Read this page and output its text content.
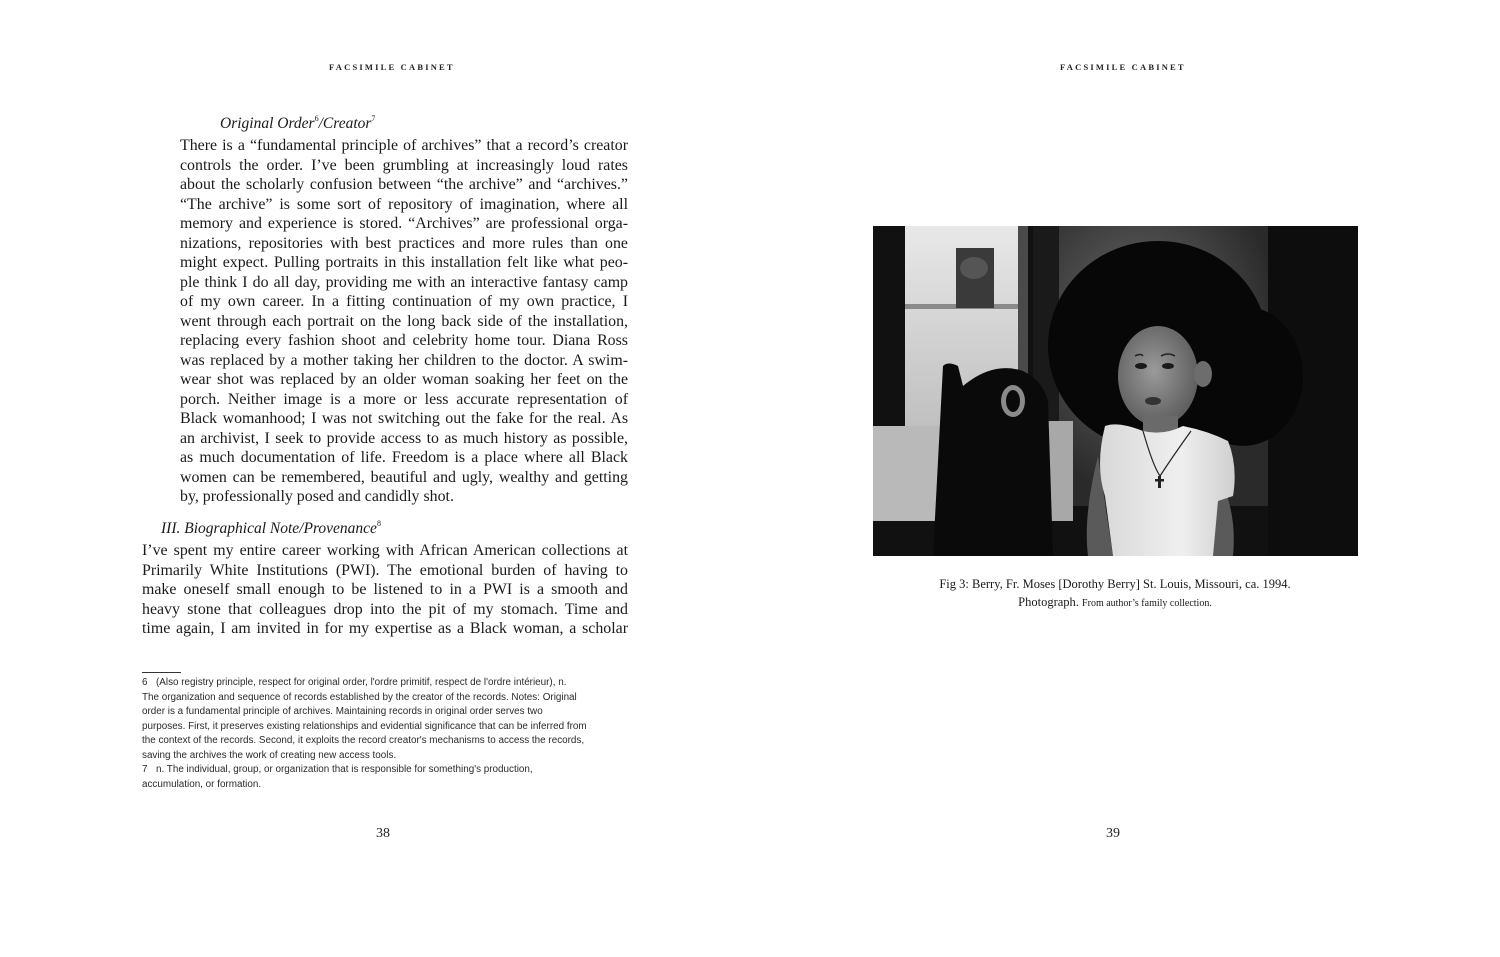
FACSIMILE CABINET
Original Order$^6$/Creator$^7$
There is a “fundamental principle of archives” that a record’s creator
controls the order. I’ve been grumbling at increasingly loud rates
about the scholarly confusion between “the archive” and “archives.”
“The archive” is some sort of repository of imagination, where all
memory and experience is stored. “Archives” are professional orga-
nizations, repositories with best practices and more rules than one
might expect. Pulling portraits in this installation felt like what peo-
ple think I do all day, providing me with an interactive fantasy camp
of my own career. In a fitting continuation of my own practice, I
went through each portrait on the long back side of the installation,
replacing every fashion shoot and celebrity home tour. Diana Ross
was replaced by a mother taking her children to the doctor. A swim-
wear shot was replaced by an older woman soaking her feet on the
porch. Neither image is a more or less accurate representation of
Black womanhood; I was not switching out the fake for the real. As
an archivist, I seek to provide access to as much history as possible,
as much documentation of life. Freedom is a place where all Black
women can be remembered, beautiful and ugly, wealthy and getting
by, professionally posed and candidly shot.
III. Biographical Note/Provenance$^8$
I’ve spent my entire career working with African American collections at
Primarily White Institutions (PWI). The emotional burden of having to
make oneself small enough to be listened to in a PWI is a smooth and
heavy stone that colleagues drop into the pit of my stomach. Time and
time again, I am invited in for my expertise as a Black woman, a scholar
6 (Also registry principle, respect for original order, l'ordre primitif, respect de l'ordre intérieur), n.
The organization and sequence of records established by the creator of the records. Notes: Original
order is a fundamental principle of archives. Maintaining records in original order serves two
purposes. First, it preserves existing relationships and evidential significance that can be inferred from
the context of the records. Second, it exploits the record creator's mechanisms to access the records,
saving the archives the work of creating new access tools.
7 n. The individual, group, or organization that is responsible for something's production,
accumulation, or formation.
38
FACSIMILE CABINET
Fig 3: Berry, Fr. Moses [Dorothy Berry] St. Louis, Missouri, ca. 1994.
Photograph. From author’s family collection.
39
